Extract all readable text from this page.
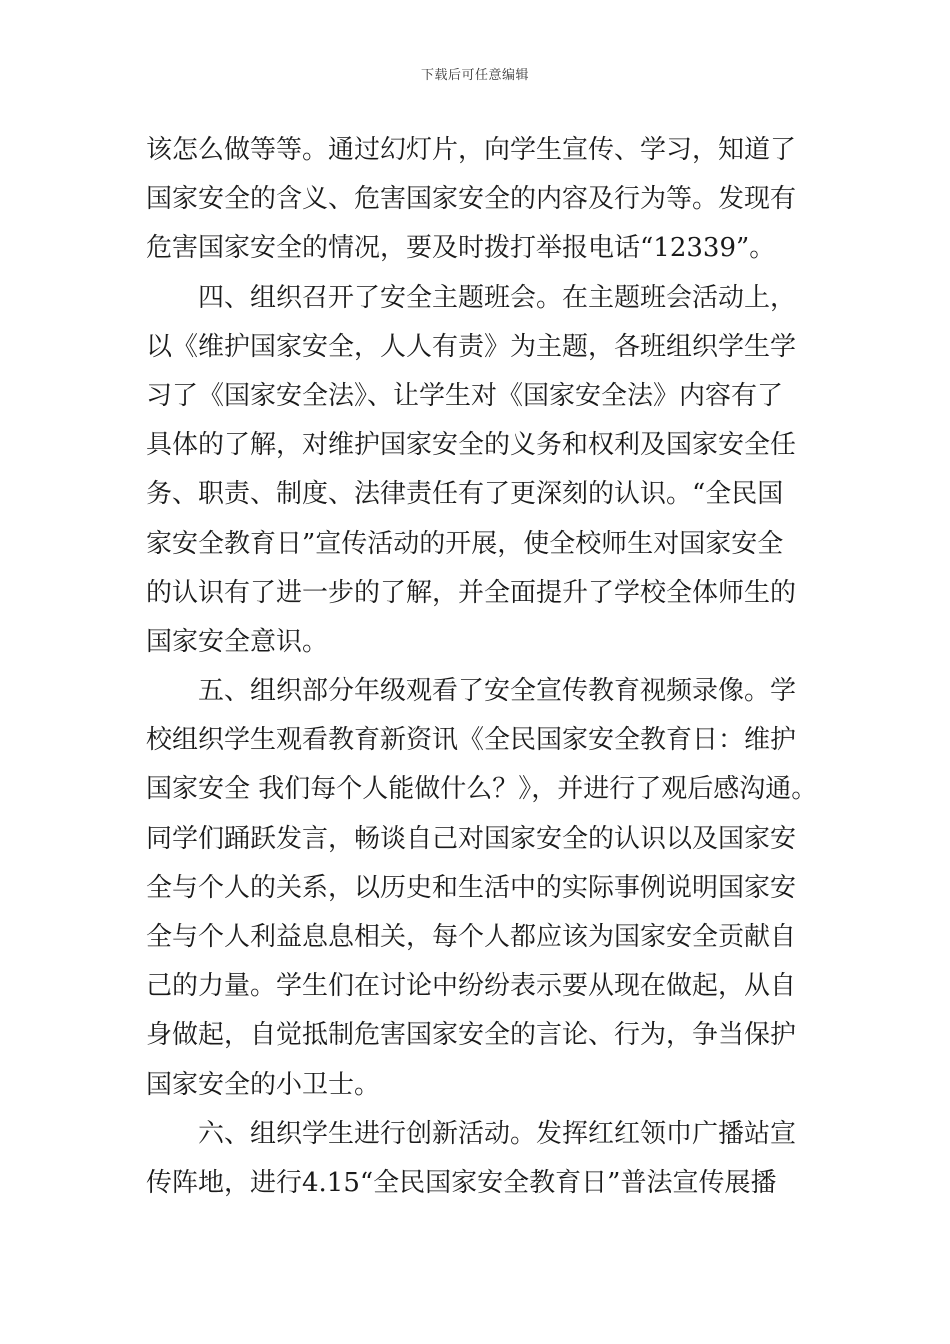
下载后可任意编辑
该怎么做等等。通过幻灯片，向学生宣传、学习，知道了
国家安全的含义、危害国家安全的内容及行为等。发现有
危害国家安全的情况，要及时拨打举报电话“12339”。
四、组织召开了安全主题班会。在主题班会活动上，
以《维护国家安全，人人有责》为主题，各班组织学生学
习了《国家安全法》、让学生对《国家安全法》内容有了
具体的了解，对维护国家安全的义务和权利及国家安全任
务、职责、制度、法律责任有了更深刻的认识。“全民国
家安全教育日”宣传活动的开展，使全校师生对国家安全
的认识有了进一步的了解，并全面提升了学校全体师生的
国家安全意识。
五、组织部分年级观看了安全宣传教育视频录像。学
校组织学生观看教育新资讯《全民国家安全教育日：维护
国家安全 我们每个人能做什么？》，并进行了观后感沟通。
同学们踊跃发言，畅谈自己对国家安全的认识以及国家安
全与个人的关系，以历史和生活中的实际事例说明国家安
全与个人利益息息相关，每个人都应该为国家安全贡献自
己的力量。学生们在讨论中纷纷表示要从现在做起，从自
身做起，自觉抵制危害国家安全的言论、行为，争当保护
国家安全的小卫士。
六、组织学生进行创新活动。发挥红红领巾广播站宣
传阵地，进行4.15“全民国家安全教育日”普法宣传展播
